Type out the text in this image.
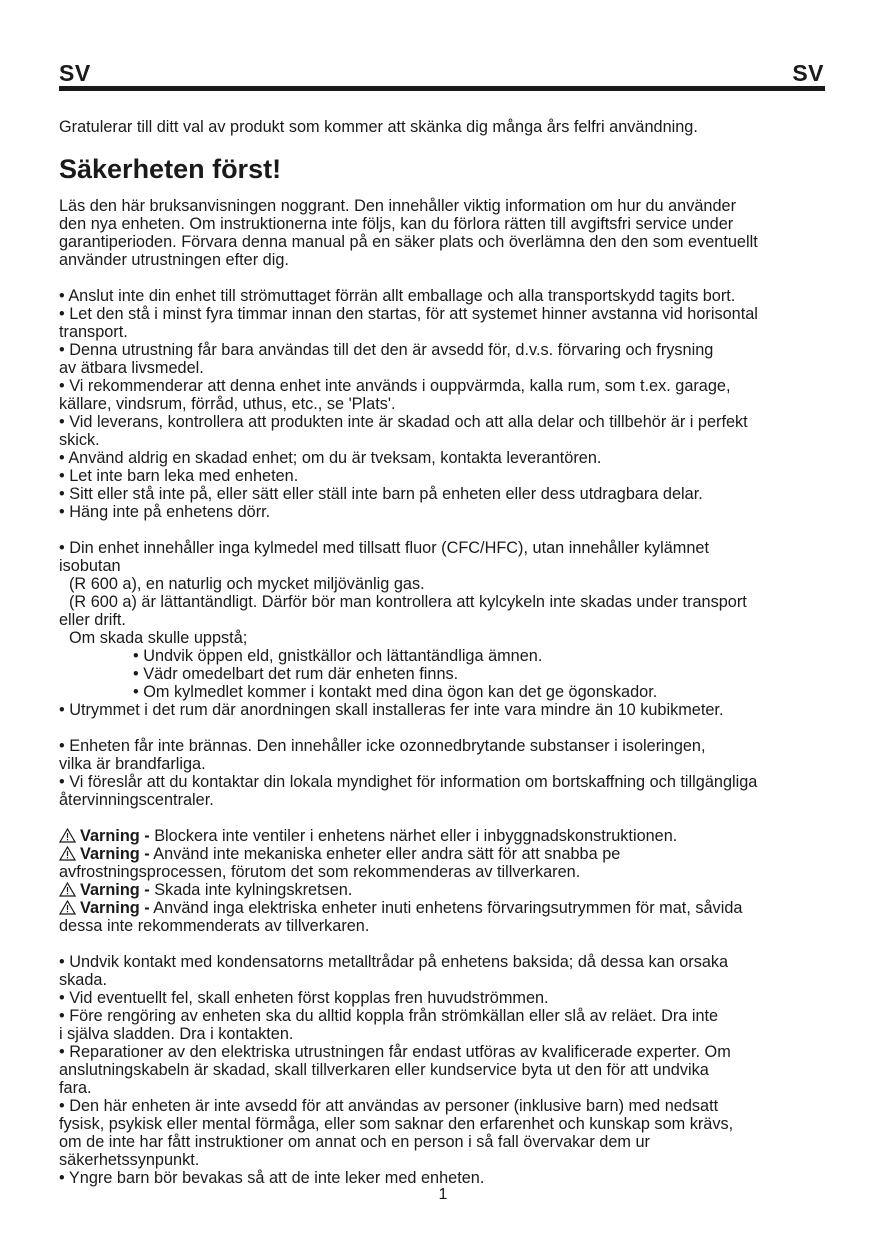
SV	SV

Gratulerar till ditt val av produkt som kommer att skänka dig många års felfri användning.

Säkerheten först!

Läs den här bruksanvisningen noggrant. Den innehåller viktig information om hur du använder

den nya enheten. Om instruktionerna inte följs, kan du förlora rätten till avgiftsfri service under

garantiperioden. Förvara denna manual på en säker plats och överlämna den den som eventuellt

använder utrustningen efter dig.

• Anslut inte din enhet till strömuttaget förrän allt emballage och alla transportskydd tagits bort.

• Let den stå i minst fyra timmar innan den startas, för att systemet hinner avstanna vid horisontal

transport.

• Denna utrustning får bara användas till det den är avsedd för, d.v.s. förvaring och frysning

av ätbara livsmedel.

• Vi rekommenderar att denna enhet inte används i ouppvärmda, kalla rum, som t.ex. garage,

källare, vindsrum, förråd, uthus, etc., se 'Plats'.

• Vid leverans, kontrollera att produkten inte är skadad och att alla delar och tillbehör är i perfekt

skick.

• Använd aldrig en skadad enhet; om du är tveksam, kontakta leverantören.

• Let inte barn leka med enheten.

• Sitt eller stå inte på, eller sätt eller ställ inte barn på enheten eller dess utdragbara delar.

• Häng inte på enhetens dörr.

• Din enhet innehåller inga kylmedel med tillsatt fluor (CFC/HFC), utan innehåller kylämnet

isobutan

(R 600 a), en naturlig och mycket miljövänlig gas.

(R 600 a) är lättantändligt. Därför bör man kontrollera att kylcykeln inte skadas under transport

eller drift.

Om skada skulle uppstå;

• Undvik öppen eld, gnistkällor och lättantändliga ämnen.

• Vädr omedelbart det rum där enheten finns.

• Om kylmedlet kommer i kontakt med dina ögon kan det ge ögonskador.

• Utrymmet i det rum där anordningen skall installeras fer inte vara mindre än 10 kubikmeter.

• Enheten får inte brännas. Den innehåller icke ozonnedbrytande substanser i isoleringen,

vilka är brandfarliga.

• Vi föreslår att du kontaktar din lokala myndighet för information om bortskaffning och tillgängliga

återvinningscentraler.

Varning - Blockera inte ventiler i enhetens närhet eller i inbyggnadskonstruktionen.

Varning - Använd inte mekaniska enheter eller andra sätt för att snabba pe

avfrostningsprocessen, förutom det som rekommenderas av tillverkaren.

Varning - Skada inte kylningskretsen.

Varning - Använd inga elektriska enheter inuti enhetens förvaringsutrymmen för mat, såvida

dessa inte rekommenderats av tillverkaren.

• Undvik kontakt med kondensatorns metalltrådar på enhetens baksida; då dessa kan orsaka

skada.

• Vid eventuellt fel, skall enheten först kopplas fren huvudströmmen.

• Före rengöring av enheten ska du alltid koppla från strömkällan eller slå av reläet. Dra inte

i själva sladden. Dra i kontakten.

• Reparationer av den elektriska utrustningen får endast utföras av kvalificerade experter. Om

anslutningskabeln är skadad, skall tillverkaren eller kundservice byta ut den för att undvika

fara.

• Den här enheten är inte avsedd för att användas av personer (inklusive barn) med nedsatt

fysisk, psykisk eller mental förmåga, eller som saknar den erfarenhet och kunskap som krävs,

om de inte har fått instruktioner om annat och en person i så fall övervakar dem ur

säkerhetssynpunkt.

• Yngre barn bör bevakas så att de inte leker med enheten.

1
